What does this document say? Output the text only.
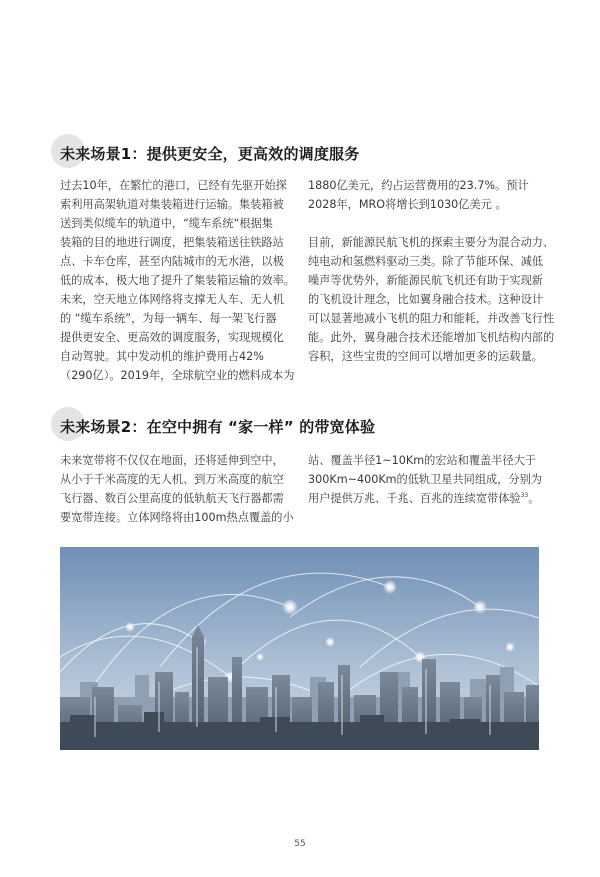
未来场景1：提供更安全，更高效的调度服务
过去10年，在繁忙的港口，已经有先驱开始探
索利用高架轨道对集装箱进行运输。集装箱被
送到类似缆车的轨道中，“缆车系统“根据集
装箱的目的地进行调度，把集装箱送往铁路站
点、卡车仓库，甚至内陆城市的无水港，以极
低的成本，极大地了提升了集装箱运输的效率。
未来，空天地立体网络将支撑无人车、无人机
的 “缆车系统”，为每一辆车、每一架飞行器
提供更安全、更高效的调度服务，实现规模化
自动驾驶。其中发动机的维护费用占42%
（290亿）。2019年，全球航空业的燃料成本为
1880亿美元，约占运营费用的23.7%。预计
2028年，MRO将增长到1030亿美元 。
目前，新能源民航飞机的探索主要分为混合动力、
纯电动和氢燃料驱动三类。除了节能环保、减低
噪声等优势外，新能源民航飞机还有助于实现新
的飞机设计理念，比如翼身融合技术。这种设计
可以显著地减小飞机的阻力和能耗，并改善飞行性
能。此外，翼身融合技术还能增加飞机结构内部的
容积，这些宝贵的空间可以增加更多的运载量。
未来场景2：在空中拥有 “家一样” 的带宽体验
未来宽带将不仅仅在地面，还将延伸到空中，
从小于千米高度的无人机、到万米高度的航空
飞行器、数百公里高度的低轨航天飞行器都需
要宽带连接。立体网络将由100m热点覆盖的小
站、覆盖半径1~10Km的宏站和覆盖半径大于
300Km~400Km的低轨卫星共同组成，分别为
用户提供万兆、千兆、百兆的连续宽带体验$^{33}$。
55
